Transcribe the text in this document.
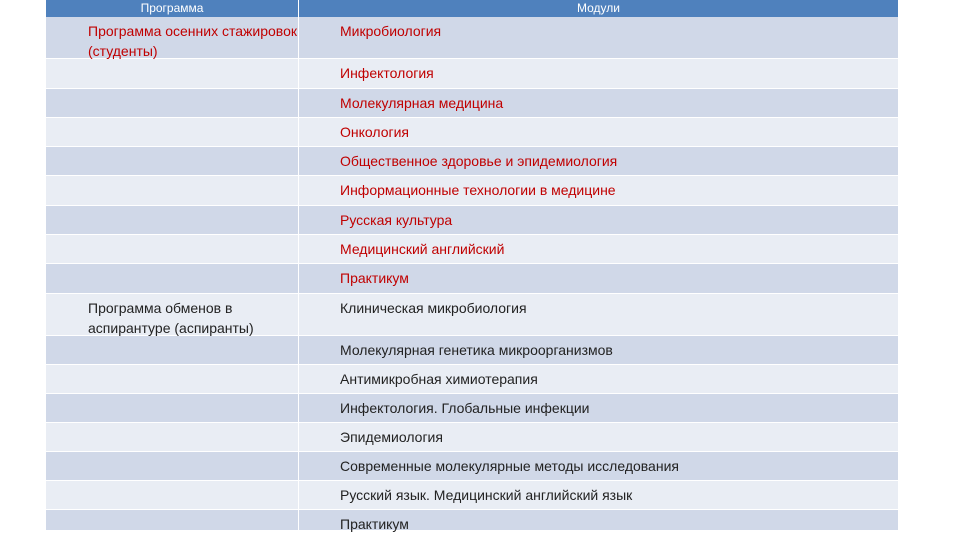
Программа	Модули
Программа осенних стажировок (студенты)
Микробиология
Инфектология
Молекулярная медицина
Онкология
Общественное здоровье и эпидемиология
Информационные технологии в медицине
Русская культура
Медицинский английский
Практикум
Программа обменов в аспирантуре (аспиранты)
Клиническая микробиология
Молекулярная генетика микроорганизмов
Антимикробная химиотерапия
Инфектология. Глобальные инфекции
Эпидемиология
Современные молекулярные методы исследования
Русский язык. Медицинский английский язык
Практикум
